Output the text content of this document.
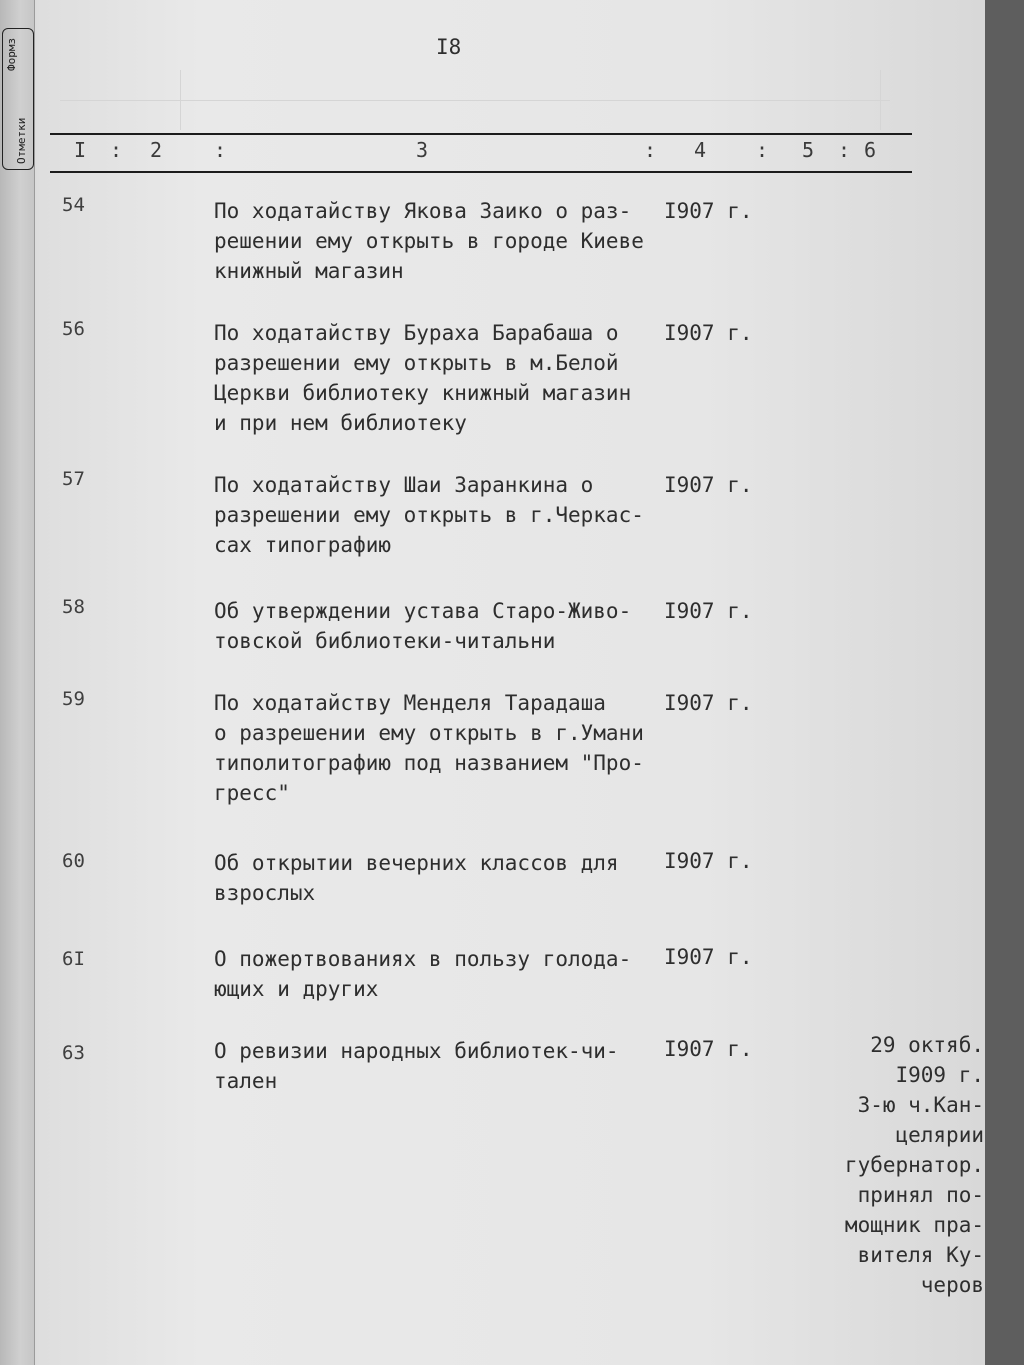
Формз
Отметки
I8
I : 2	:	3	: 4 : 5 : 6
54	По ходатайству Якова Заико о раз-
решении ему открыть в городе Киеве
книжный магазин
I907 г.
56	По ходатайству Бураха Барабаша о
разрешении ему открыть в м.Белой
Церкви библиотеку книжный магазин
и при нем библиотеку
I907 г.
57	По ходатайству Шаи Заранкина о
разрешении ему открыть в г.Черкас-
сах типографию
I907 г.
58	Об утверждении устава Старо-Живо-
товской библиотеки-читальни
I907 г.
59	По ходатайству Менделя Тарадаша
о разрешении ему открыть в г.Умани
типолитографию под названием "Про-
гресс"
I907 г.
60	Об открытии вечерних классов для
взрослых
I907 г.
6I	О пожертвованиях в пользу голода-
ющих и других
I907 г.
63	О ревизии народных библиотек-чи-
тален
I907 г.	29 октяб.
I909 г.
3-ю ч.Кан-
целярии
губернатор.
принял по-
мощник пра-
вителя Ку-
черов
